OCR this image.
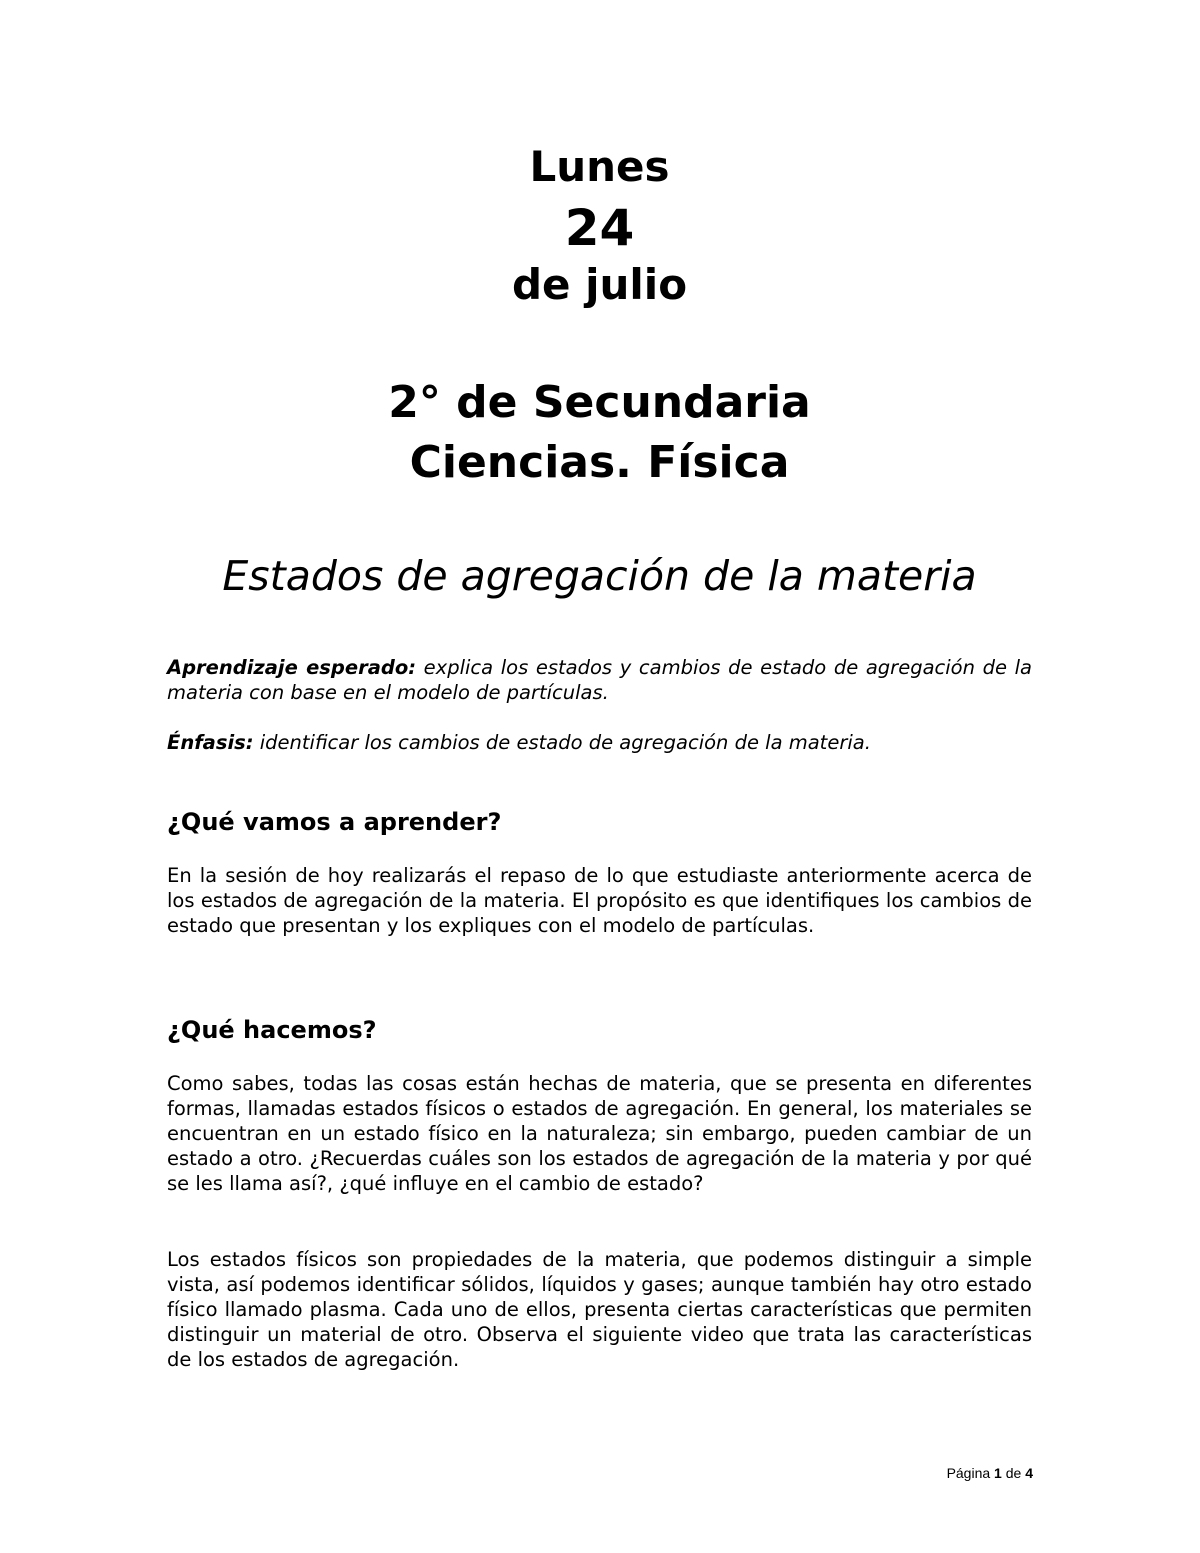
Lunes
24
de julio
2° de Secundaria
Ciencias. Física
Estados de agregación de la materia
Aprendizaje esperado: explica los estados y cambios de estado de agregación de la materia con base en el modelo de partículas.
Énfasis: identificar los cambios de estado de agregación de la materia.
¿Qué vamos a aprender?
En la sesión de hoy realizarás el repaso de lo que estudiaste anteriormente acerca de los estados de agregación de la materia. El propósito es que identifiques los cambios de estado que presentan y los expliques con el modelo de partículas.
¿Qué hacemos?
Como sabes, todas las cosas están hechas de materia, que se presenta en diferentes formas, llamadas estados físicos o estados de agregación. En general, los materiales se encuentran en un estado físico en la naturaleza; sin embargo, pueden cambiar de un estado a otro. ¿Recuerdas cuáles son los estados de agregación de la materia y por qué se les llama así?, ¿qué influye en el cambio de estado?
Los estados físicos son propiedades de la materia, que podemos distinguir a simple vista, así podemos identificar sólidos, líquidos y gases; aunque también hay otro estado físico llamado plasma. Cada uno de ellos, presenta ciertas características que permiten distinguir un material de otro. Observa el siguiente video que trata las características de los estados de agregación.
Página 1 de 4
